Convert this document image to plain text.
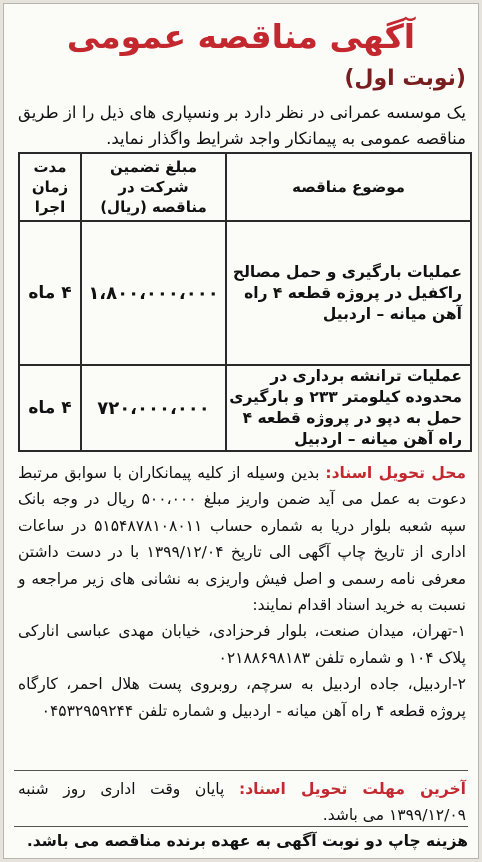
آگهی مناقصه عمومی
(نوبت اول)
یک موسسه عمرانی در نظر دارد بر ونسپاری های ذیل را از طریق مناقصه عمومی به پیمانکار واجد شرایط واگذار نماید.
موضوع مناقصه
مبلغ تضمین شرکت در مناقصه (ریال)
مدت زمان اجرا
عملیات بارگیری و حمل مصالح راکفیل در پروژه قطعه ۴ راه آهن میانه – اردبیل
۱،۸۰۰،۰۰۰،۰۰۰
۴ ماه
عملیات ترانشه برداری در محدوده کیلومتر ۲۳۳ و بارگیری حمل به دپو در پروژه قطعه ۴ راه آهن میانه – اردبیل
۷۲۰،۰۰۰،۰۰۰
۴ ماه
محل تحویل اسناد: بدین وسیله از کلیه پیمانکاران با سوابق مرتبط دعوت به عمل می آید ضمن واریز مبلغ ۵۰۰،۰۰۰ ریال در وجه بانک سپه شعبه بلوار دریا به شماره حساب ۵۱۵۴۸۷۸۱۰۸۰۱۱ در ساعات اداری از تاریخ چاپ آگهی الی تاریخ ۱۳۹۹/۱۲/۰۴ با در دست داشتن معرفی نامه رسمی و اصل فیش واریزی به نشانی های زیر مراجعه و نسبت به خرید اسناد اقدام نمایند:
۱-تهران، میدان صنعت، بلوار فرحزادی، خیابان مهدی عباسی انارکی پلاک ۱۰۴ و شماره تلفن ۰۲۱۸۸۶۹۸۱۸۳
۲-اردبیل، جاده اردبیل به سرچم، روبروی پست هلال احمر، کارگاه پروژه قطعه ۴ راه آهن میانه - اردبیل و شماره تلفن ۰۴۵۳۲۹۵۹۲۴۴
آخرین مهلت تحویل اسناد: پایان وقت اداری روز شنبه ۱۳۹۹/۱۲/۰۹ می باشد.
هزینه چاپ دو نوبت آگهی به عهده برنده مناقصه می باشد.
